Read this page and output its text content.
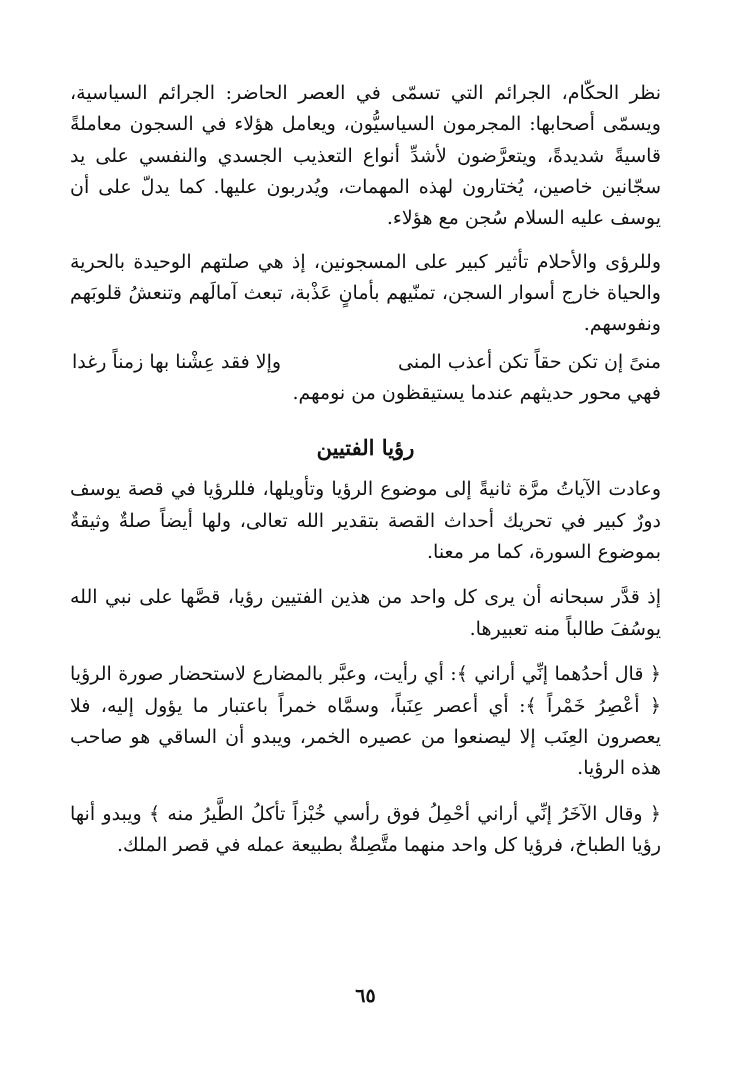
نظر الحكّام، الجرائم التي تسمّى في العصر الحاضر: الجرائم السياسية، ويسمّى أصحابها: المجرمون السياسيُّون، ويعامل هؤلاء في السجون معاملةً قاسيةً شديدةً، ويتعرَّضون لأشدِّ أنواع التعذيب الجسدي والنفسي على يد سجّانين خاصين، يُختارون لهذه المهمات، ويُدربون عليها. كما يدلّ على أن يوسف عليه السلام سُجن مع هؤلاء.

وللرؤى والأحلام تأثير كبير على المسجونين، إذ هي صلتهم الوحيدة بالحرية والحياة خارج أسوار السجن، تمنّيهم بأمانٍ عَذْبة، تبعث آمالَهم وتنعشُ قلوبَهم ونفوسهم.

منىً إن تكن حقاً تكن أعذب المنى
وإلا فقد عِشْنا بها زمناً رغدا

فهي محور حديثهم عندما يستيقظون من نومهم.

رؤيا الفتيين

وعادت الآياتُ مرَّة ثانيةً إلى موضوع الرؤيا وتأويلها، فللرؤيا في قصة يوسف دورٌ كبير في تحريك أحداث القصة بتقدير الله تعالى، ولها أيضاً صلةٌ وثيقةٌ بموضوع السورة، كما مر معنا.

إذ قدَّر سبحانه أن يرى كل واحد من هذين الفتيين رؤيا، قصَّها على نبي الله يوسُفَ طالباً منه تعبيرها.

﴿ قال أحدُهما إنِّي أراني ﴾: أي رأيت، وعبَّر بالمضارع لاستحضار صورة الرؤيا ﴿ أعْصِرُ خَمْراً ﴾: أي أعصر عِنَباً، وسمَّاه خمراً باعتبار ما يؤول إليه، فلا يعصرون العِنَب إلا ليصنعوا من عصيره الخمر، ويبدو أن الساقي هو صاحب هذه الرؤيا.

﴿ وقال الآخَرُ إنِّي أراني أحْمِلُ فوق رأسي خُبْزاً تأكلُ الطَّيرُ منه ﴾ ويبدو أنها رؤيا الطباخ، فرؤيا كل واحد منهما متَّصِلةٌ بطبيعة عمله في قصر الملك.

٦٥
